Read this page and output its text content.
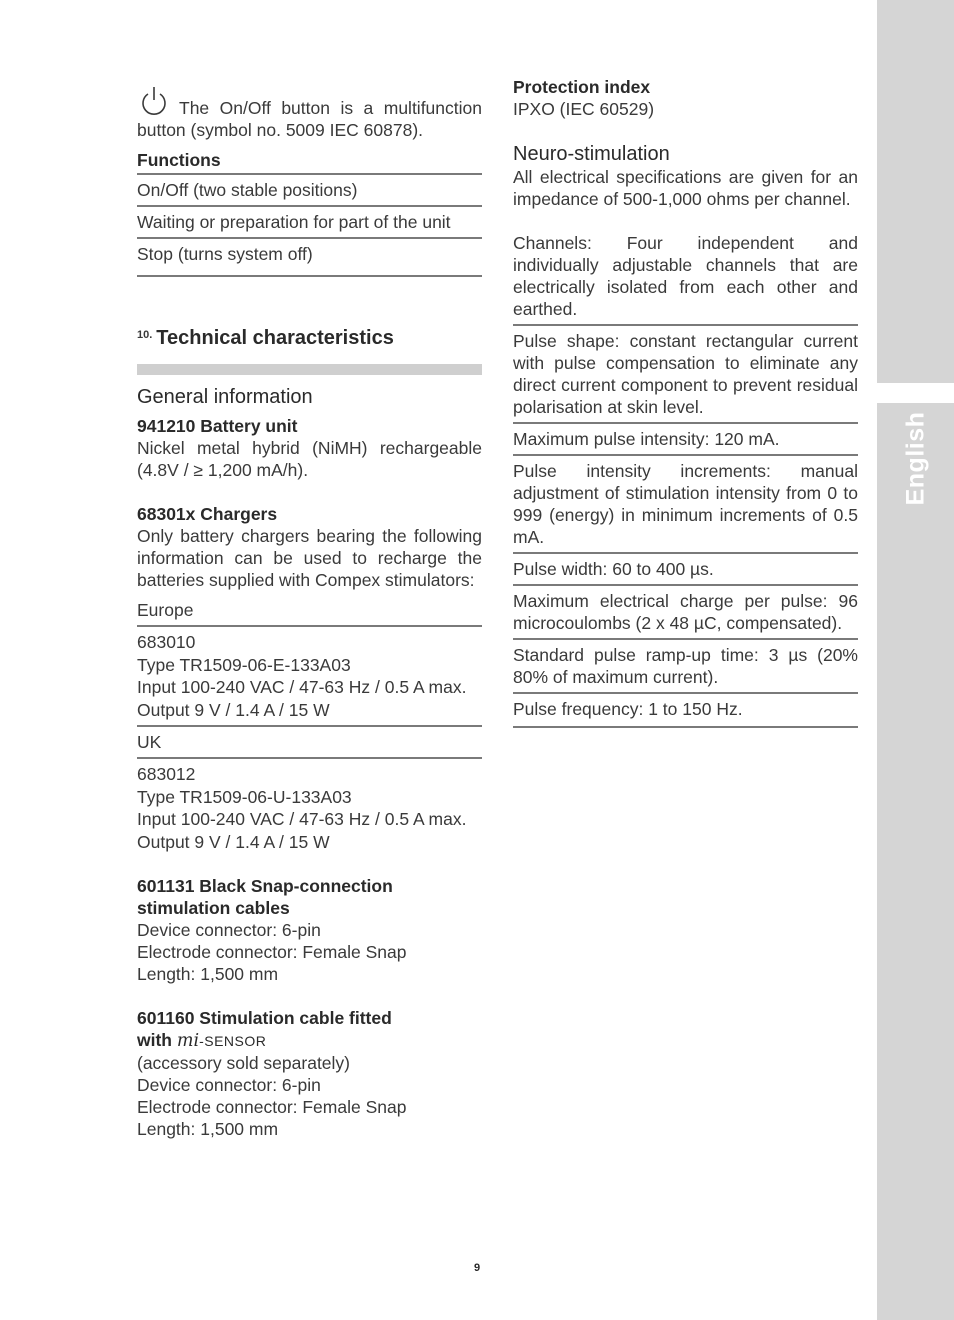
English

The On/Off button is a multifunction button (symbol no. 5009 IEC 60878).

Functions

On/Off (two stable positions)
Waiting or preparation for part of the unit
Stop (turns system off)
10. Technical characteristics

General information

941210 Battery unit

Nickel metal hybrid (NiMH) rechargeable (4.8V / ≥ 1,200 mA/h).

68301x Chargers

Only battery chargers bearing the following information can be used to recharge the batteries supplied with Compex stimulators:

Europe
683010
Type TR1509-06-E-133A03
Input 100-240 VAC / 47-63 Hz / 0.5 A max.
Output 9 V / 1.4 A / 15 W
UK
683012
Type TR1509-06-U-133A03
Input 100-240 VAC / 47-63 Hz / 0.5 A max.
Output 9 V / 1.4 A / 15 W

601131 Black Snap-connection
stimulation cables

Device connector: 6-pin
Electrode connector: Female Snap
Length: 1,500 mm

601160 Stimulation cable fitted
with mi-SENSOR

(accessory sold separately)
Device connector: 6-pin
Electrode connector: Female Snap
Length: 1,500 mm

Protection index

IPXO (IEC 60529)

Neuro-stimulation

All electrical specifications are given for an impedance of 500-1,000 ohms per channel.

Channels: Four independent and individually adjustable channels that are electrically isolated from each other and earthed.
Pulse shape: constant rectangular current with pulse compensation to eliminate any direct current component to prevent residual polarisation at skin level.
Maximum pulse intensity: 120 mA.
Pulse intensity increments: manual adjustment of stimulation intensity from 0 to 999 (energy) in minimum increments of 0.5 mA.
Pulse width: 60 to 400 µs.
Maximum electrical charge per pulse: 96 microcoulombs (2 x 48 µC, compensated).
Standard pulse ramp-up time: 3 µs (20% 80% of maximum current).
Pulse frequency: 1 to 150 Hz.
9
